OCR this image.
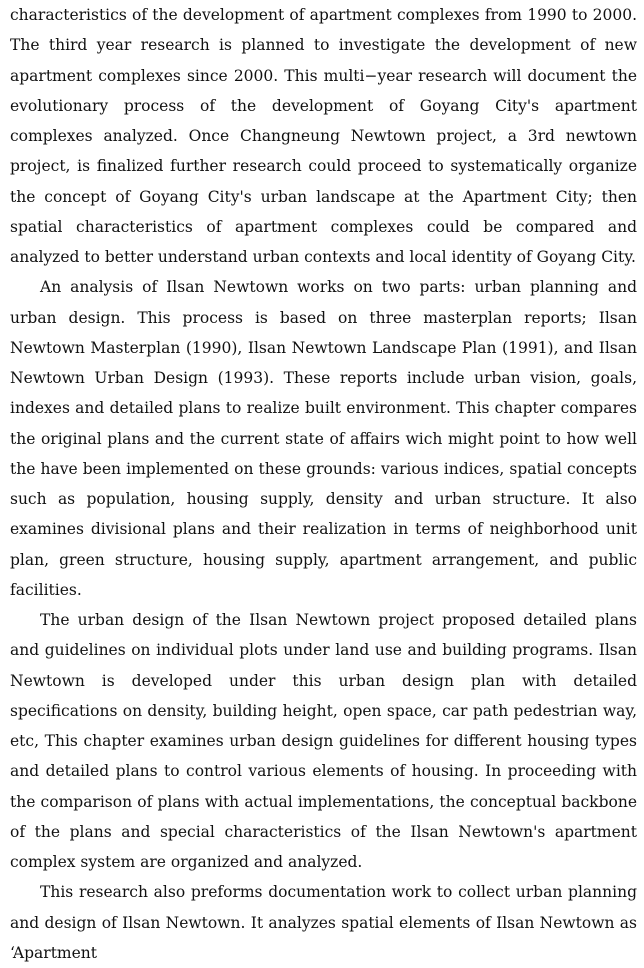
characteristics of the development of apartment complexes from 1990 to 2000. The third year research is planned to investigate the development of new apartment complexes since 2000. This multi−year research will document the evolutionary process of the development of Goyang City's apartment complexes analyzed. Once Changneung Newtown project, a 3rd newtown project, is finalized further research could proceed to systematically organize the concept of Goyang City's urban landscape at the Apartment City; then spatial characteristics of apartment complexes could be compared and analyzed to better understand urban contexts and local identity of Goyang City.

An analysis of Ilsan Newtown works on two parts: urban planning and urban design. This process is based on three masterplan reports; Ilsan Newtown Masterplan (1990), Ilsan Newtown Landscape Plan (1991), and Ilsan Newtown Urban Design (1993). These reports include urban vision, goals, indexes and detailed plans to realize built environment. This chapter compares the original plans and the current state of affairs wich might point to how well the have been implemented on these grounds: various indices, spatial concepts such as population, housing supply, density and urban structure. It also examines divisional plans and their realization in terms of neighborhood unit plan, green structure, housing supply, apartment arrangement, and public facilities.

The urban design of the Ilsan Newtown project proposed detailed plans and guidelines on individual plots under land use and building programs. Ilsan Newtown is developed under this urban design plan with detailed specifications on density, building height, open space, car path pedestrian way, etc, This chapter examines urban design guidelines for different housing types and detailed plans to control various elements of housing. In proceeding with the comparison of plans with actual implementations, the conceptual backbone of the plans and special characteristics of the Ilsan Newtown's apartment complex system are organized and analyzed.

This research also preforms documentation work to collect urban planning and design of Ilsan Newtown. It analyzes spatial elements of Ilsan Newtown as ‘Apartment
